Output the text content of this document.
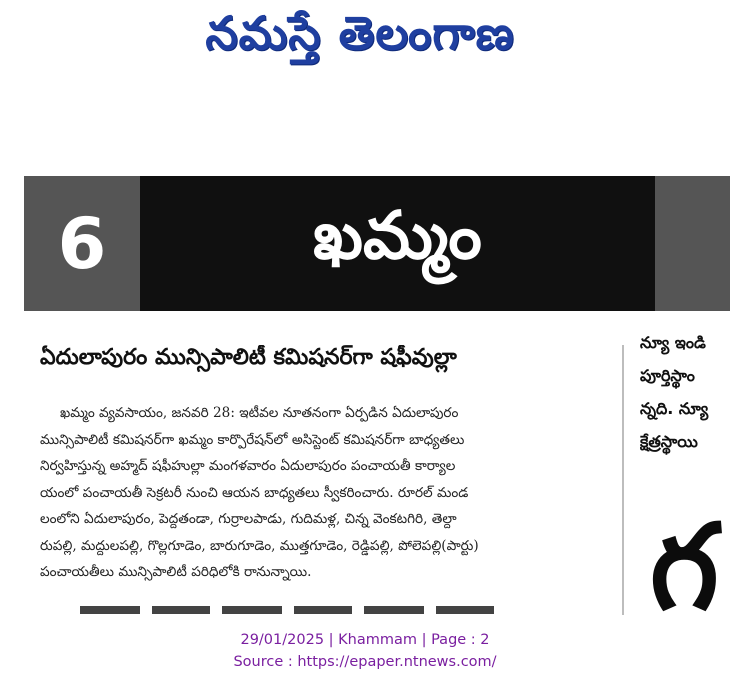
నమస్తే తెలంగాణ
6	ఖమ్మం
ఏదులాపురం మున్సిపాలిటీ కమిషనర్‌గా షఫీవుల్లా

ఖమ్మం వ్యవసాయం, జనవరి 28: ఇటీవల నూతనంగా ఏర్పడిన ఏదులాపురం

మున్సిపాలిటీ కమిషనర్‌గా ఖమ్మం కార్పొరేషన్‌లో అసిస్టెంట్ కమిషనర్‌గా బాధ్యతలు

నిర్వహిస్తున్న అహ్మద్ షఫీహుల్లా మంగళవారం ఏదులాపురం పంచాయతీ కార్యాల

యంలో పంచాయతీ సెక్రటరీ నుంచి ఆయన బాధ్యతలు స్వీకరించారు. రూరల్ మండ

లంలోని ఏదులాపురం, పెద్దతండా, గుర్రాలపాడు, గుదిమళ్ల, చిన్న వెంకటగిరి, తెల్దా

రుపల్లి, మద్దులపల్లి, గొల్లగూడెం, బారుగూడెం, ముత్తగూడెం, రెడ్డిపల్లి, పోలెపల్లి(పార్టు)

పంచాయతీలు మున్సిపాలిటీ పరిధిలోకి రానున్నాయి.

న్యూ ఇండి

పూర్తిస్థాం

న్నది. న్యూ

క్షేత్రస్థాయి

గ
29/01/2025 | Khammam | Page : 2
Source : https://epaper.ntnews.com/
